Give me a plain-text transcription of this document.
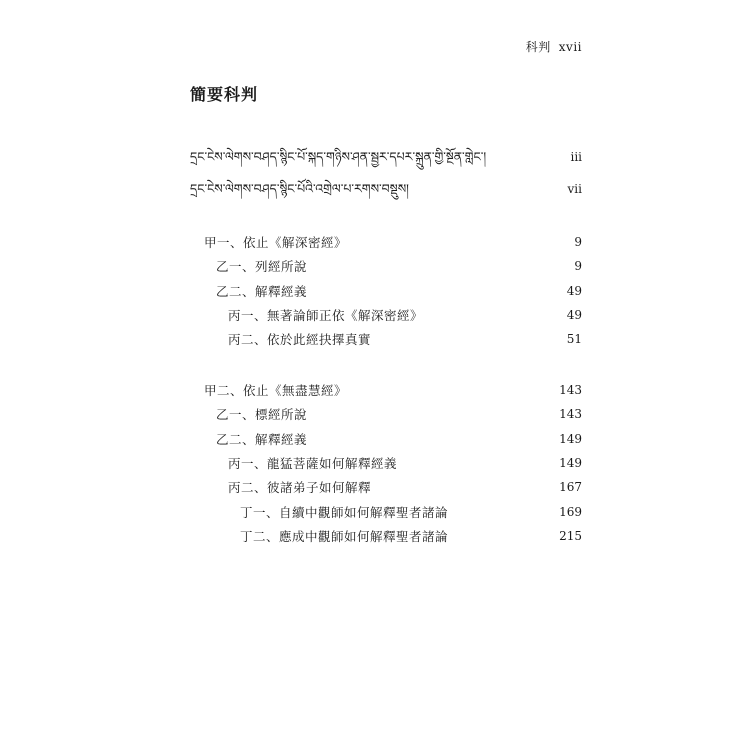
科判 xvii
簡要科判
དྲང་ངེས་ལེགས་བཤད་སྙིང་པོ་སྐད་གཉིས་ཤན་སྦྱར་དཔར་སྐྲུན་གྱི་སྔོན་གླེང་།	iii
དྲང་ངེས་ལེགས་བཤད་སྙིང་པོའི་འགྲེལ་པ་རགས་བསྡུས།	vii
甲一、依止《解深密經》	9
乙一、列經所說	9
乙二、解釋經義	49
丙一、無著論師正依《解深密經》	49
丙二、依於此經抉擇真實	51
甲二、依止《無盡慧經》	143
乙一、標經所說	143
乙二、解釋經義	149
丙一、龍猛菩薩如何解釋經義	149
丙二、彼諸弟子如何解釋	167
丁一、自續中觀師如何解釋聖者諸論	169
丁二、應成中觀師如何解釋聖者諸論	215
